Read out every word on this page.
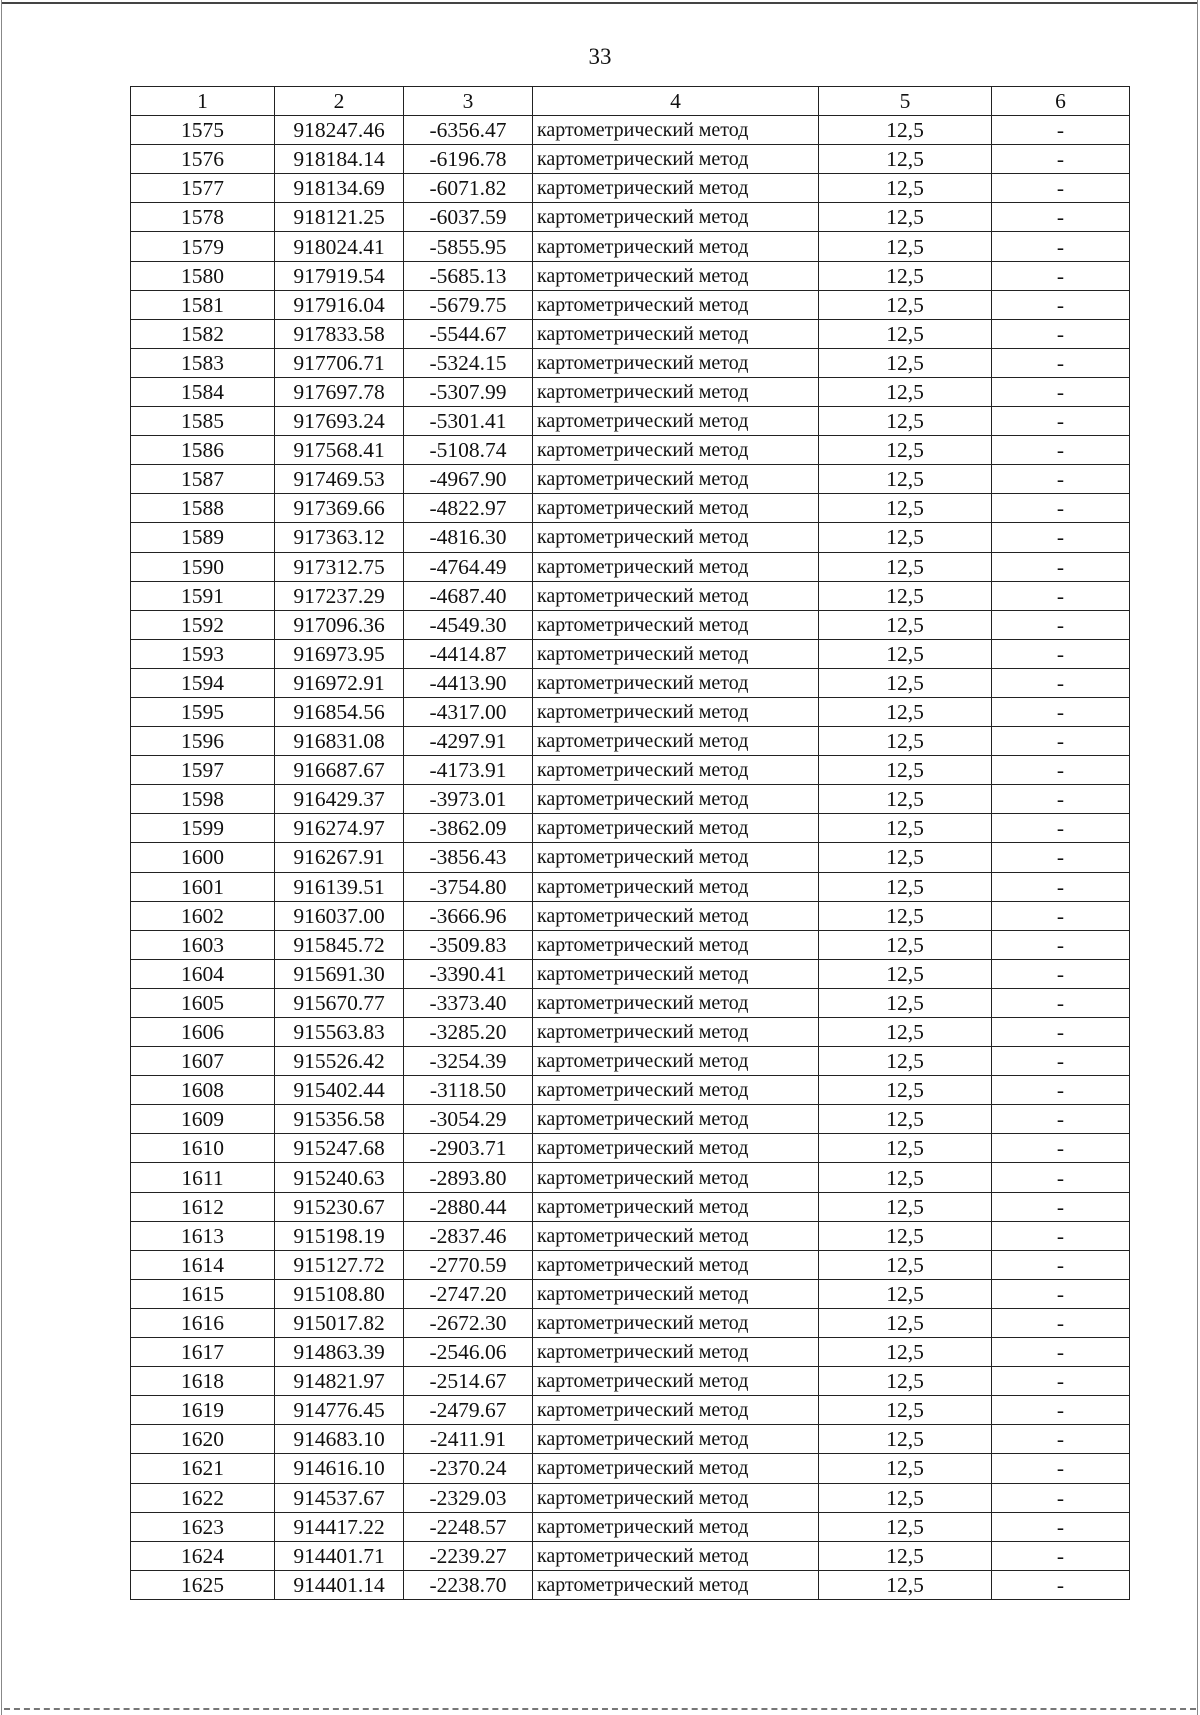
33
1	2	3	4	5	6
1575	918247.46	-6356.47	картометрический метод	12,5	-
1576	918184.14	-6196.78	картометрический метод	12,5	-
1577	918134.69	-6071.82	картометрический метод	12,5	-
1578	918121.25	-6037.59	картометрический метод	12,5	-
1579	918024.41	-5855.95	картометрический метод	12,5	-
1580	917919.54	-5685.13	картометрический метод	12,5	-
1581	917916.04	-5679.75	картометрический метод	12,5	-
1582	917833.58	-5544.67	картометрический метод	12,5	-
1583	917706.71	-5324.15	картометрический метод	12,5	-
1584	917697.78	-5307.99	картометрический метод	12,5	-
1585	917693.24	-5301.41	картометрический метод	12,5	-
1586	917568.41	-5108.74	картометрический метод	12,5	-
1587	917469.53	-4967.90	картометрический метод	12,5	-
1588	917369.66	-4822.97	картометрический метод	12,5	-
1589	917363.12	-4816.30	картометрический метод	12,5	-
1590	917312.75	-4764.49	картометрический метод	12,5	-
1591	917237.29	-4687.40	картометрический метод	12,5	-
1592	917096.36	-4549.30	картометрический метод	12,5	-
1593	916973.95	-4414.87	картометрический метод	12,5	-
1594	916972.91	-4413.90	картометрический метод	12,5	-
1595	916854.56	-4317.00	картометрический метод	12,5	-
1596	916831.08	-4297.91	картометрический метод	12,5	-
1597	916687.67	-4173.91	картометрический метод	12,5	-
1598	916429.37	-3973.01	картометрический метод	12,5	-
1599	916274.97	-3862.09	картометрический метод	12,5	-
1600	916267.91	-3856.43	картометрический метод	12,5	-
1601	916139.51	-3754.80	картометрический метод	12,5	-
1602	916037.00	-3666.96	картометрический метод	12,5	-
1603	915845.72	-3509.83	картометрический метод	12,5	-
1604	915691.30	-3390.41	картометрический метод	12,5	-
1605	915670.77	-3373.40	картометрический метод	12,5	-
1606	915563.83	-3285.20	картометрический метод	12,5	-
1607	915526.42	-3254.39	картометрический метод	12,5	-
1608	915402.44	-3118.50	картометрический метод	12,5	-
1609	915356.58	-3054.29	картометрический метод	12,5	-
1610	915247.68	-2903.71	картометрический метод	12,5	-
1611	915240.63	-2893.80	картометрический метод	12,5	-
1612	915230.67	-2880.44	картометрический метод	12,5	-
1613	915198.19	-2837.46	картометрический метод	12,5	-
1614	915127.72	-2770.59	картометрический метод	12,5	-
1615	915108.80	-2747.20	картометрический метод	12,5	-
1616	915017.82	-2672.30	картометрический метод	12,5	-
1617	914863.39	-2546.06	картометрический метод	12,5	-
1618	914821.97	-2514.67	картометрический метод	12,5	-
1619	914776.45	-2479.67	картометрический метод	12,5	-
1620	914683.10	-2411.91	картометрический метод	12,5	-
1621	914616.10	-2370.24	картометрический метод	12,5	-
1622	914537.67	-2329.03	картометрический метод	12,5	-
1623	914417.22	-2248.57	картометрический метод	12,5	-
1624	914401.71	-2239.27	картометрический метод	12,5	-
1625	914401.14	-2238.70	картометрический метод	12,5	-
